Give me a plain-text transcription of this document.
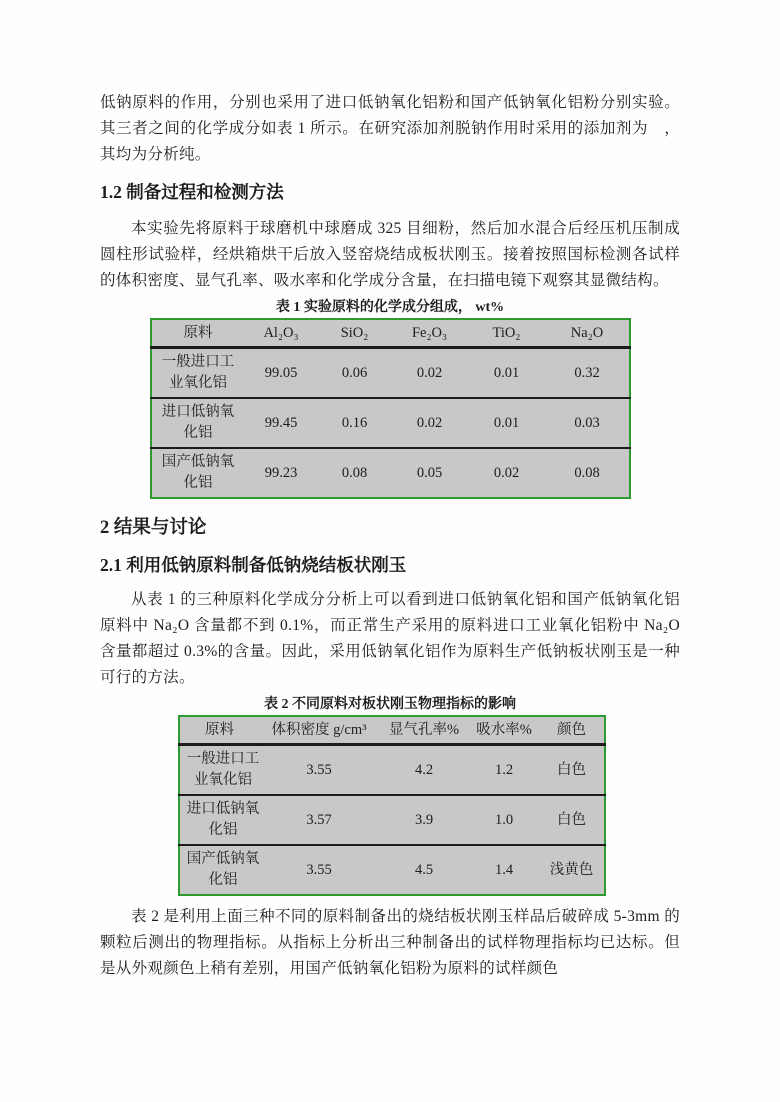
低钠原料的作用，分别也采用了进口低钠氧化铝粉和国产低钠氧化铝粉分别实验。其三者之间的化学成分如表 1 所示。在研究添加剂脱钠作用时采用的添加剂为　，其均为分析纯。

1.2 制备过程和检测方法

本实验先将原料于球磨机中球磨成 325 目细粉，然后加水混合后经压机压制成圆柱形试验样，经烘箱烘干后放入竖窑烧结成板状刚玉。接着按照国标检测各试样的体积密度、显气孔率、吸水率和化学成分含量，在扫描电镜下观察其显微结构。

表 1 实验原料的化学成分组成， wt%

原料	Al₂O₃	SiO₂	Fe₂O₃	TiO₂	Na₂O

一般进口工业氧化铝	99.05	0.06	0.02	0.01	0.32

进口低钠氧化铝	99.45	0.16	0.02	0.01	0.03

国产低钠氧化铝	99.23	0.08	0.05	0.02	0.08
2 结果与讨论
2.1 利用低钠原料制备低钠烧结板状刚玉

从表 1 的三种原料化学成分分析上可以看到进口低钠氧化铝和国产低钠氧化铝原料中 Na₂O 含量都不到 0.1%，而正常生产采用的原料进口工业氧化铝粉中 Na₂O 含量都超过 0.3%的含量。因此，采用低钠氧化铝作为原料生产低钠板状刚玉是一种可行的方法。

表 2 不同原料对板状刚玉物理指标的影响

原料	体积密度 g/cm³	显气孔率%	吸水率%	颜色

一般进口工业氧化铝	3.55	4.2	1.2	白色

进口低钠氧化铝	3.57	3.9	1.0	白色

国产低钠氧化铝	3.55	4.5	1.4	浅黄色

表 2 是利用上面三种不同的原料制备出的烧结板状刚玉样品后破碎成 5-3mm 的颗粒后测出的物理指标。从指标上分析出三种制备出的试样物理指标均已达标。但是从外观颜色上稍有差别，用国产低钠氧化铝粉为原料的试样颜色
